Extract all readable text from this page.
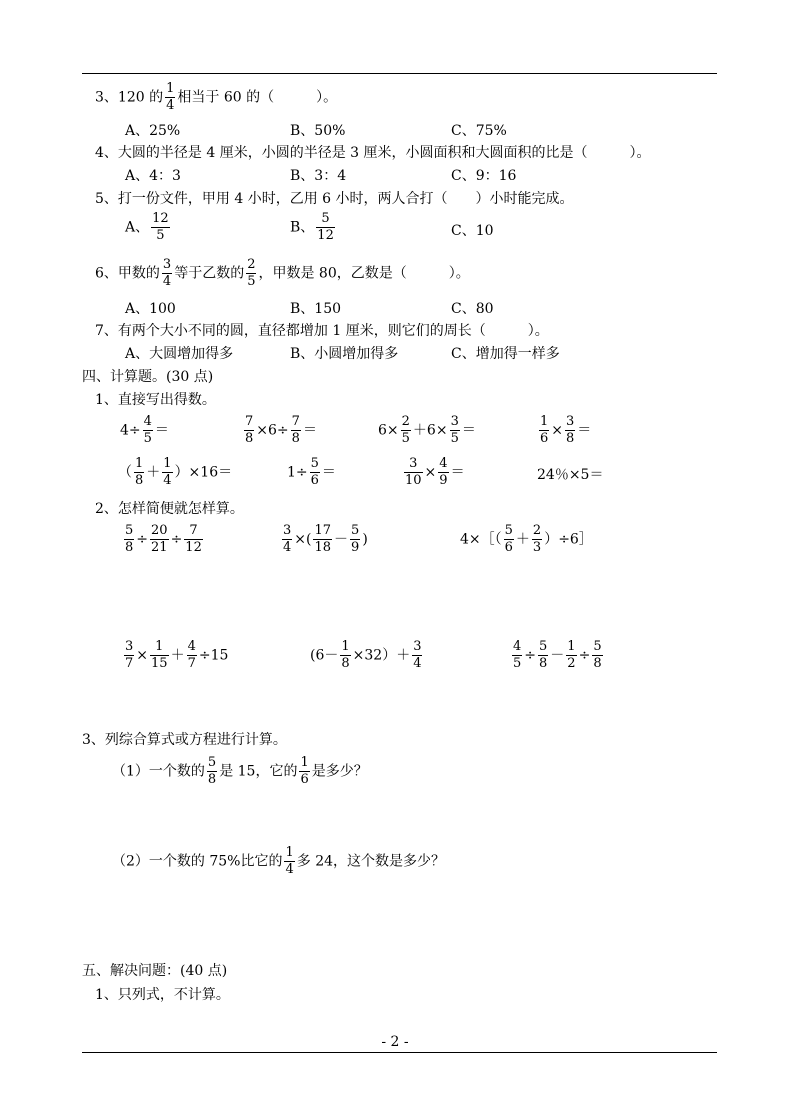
3、120 的 $\frac{1}{4}$ 相当于 60 的（　　　）。
A、25%	B、50%	C、75%
4、大圆的半径是 4 厘米，小圆的半径是 3 厘米，小圆面积和大圆面积的比是（　　　）。
A、4：3	B、3：4	C、9：16
5、打一份文件，甲用 4 小时，乙用 6 小时，两人合打（　　）小时能完成。
A、 $\frac{12}{5}$	B、 $\frac{5}{12}$	C、10
6、甲数的 $\frac{3}{4}$ 等于乙数的 $\frac{2}{5}$ ，甲数是 80，乙数是（　　　）。
A、100	B、150	C、80
7、有两个大小不同的圆，直径都增加 1 厘米，则它们的周长（　　　）。
A、大圆增加得多	B、小圆增加得多	C、增加得一样多
四、计算题。(30 点)
1、直接写出得数。
$4\div \frac{4}{5}$ ＝	$\frac{7}{8} \times 6\div \frac{7}{8}$ ＝	$6\times \frac{2}{5} +6\times \frac{3}{5}$ ＝	$\frac{1}{6} \times \frac{3}{8}$ ＝
（ $\frac{1}{8} + \frac{1}{4} )\times 16=$	$1\div \frac{5}{6}$ ＝	$\frac{3}{10} \times \frac{4}{9}$ ＝	24％×5＝
2、怎样简便就怎样算。
$\frac{5}{8} \div \frac{20}{21} \div \frac{7}{12}$	$\frac{3}{4}$ ×( $\frac{17}{18} - \frac{5}{9}$ )	4×［（ $\frac{5}{6} + \frac{2}{3}$ ）÷6］
$\frac{3}{7} \times \frac{1}{15} + \frac{4}{7} \div 15$	$(6- \frac{1}{8} \times 32)+ \frac{3}{4}$	$\frac{4}{5} \div \frac{5}{8} - \frac{1}{2} \div \frac{5}{8}$
3、列综合算式或方程进行计算。
（1）一个数的 $\frac{5}{8}$ 是 15，它的 $\frac{1}{6}$ 是多少？
（2）一个数的 75%比它的 $\frac{1}{4}$ 多 24，这个数是多少？
五、解决问题：(40 点)
1、只列式，不计算。
- 2 -
